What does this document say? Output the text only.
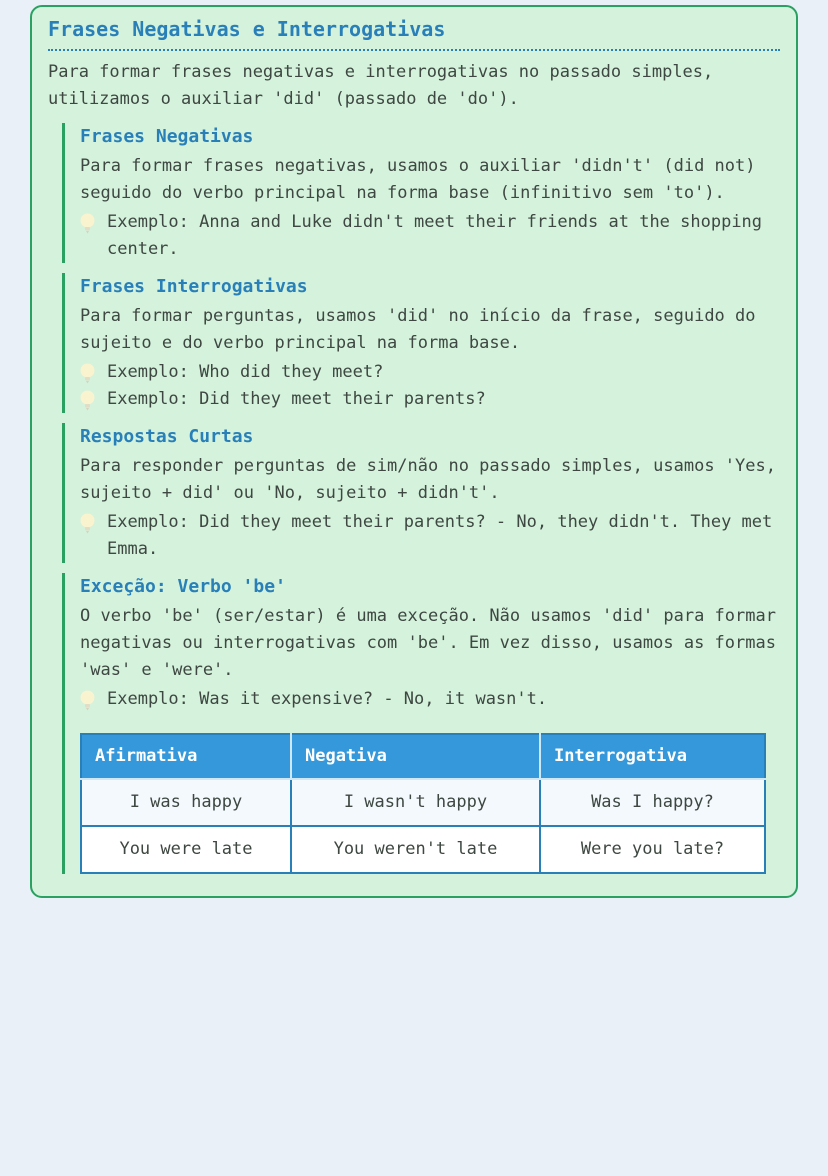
Frases Negativas e Interrogativas

Para formar frases negativas e interrogativas no passado simples, utilizamos o auxiliar 'did' (passado de 'do').

Frases Negativas

Para formar frases negativas, usamos o auxiliar 'didn't' (did not) seguido do verbo principal na forma base (infinitivo sem 'to').

Exemplo: Anna and Luke didn't meet their friends at the shopping center.
Frases Interrogativas

Para formar perguntas, usamos 'did' no início da frase, seguido do sujeito e do verbo principal na forma base.

Exemplo: Who did they meet?
Exemplo: Did they meet their parents?
Respostas Curtas

Para responder perguntas de sim/não no passado simples, usamos 'Yes, sujeito + did' ou 'No, sujeito + didn't'.

Exemplo: Did they meet their parents? - No, they didn't. They met Emma.
Exceção: Verbo 'be'

O verbo 'be' (ser/estar) é uma exceção. Não usamos 'did' para formar negativas ou interrogativas com 'be'. Em vez disso, usamos as formas 'was' e 'were'.

Exemplo: Was it expensive? - No, it wasn't.
Afirmativa	Negativa	Interrogativa
I was happy	I wasn't happy	Was I happy?
You were late	You weren't late	Were you late?
